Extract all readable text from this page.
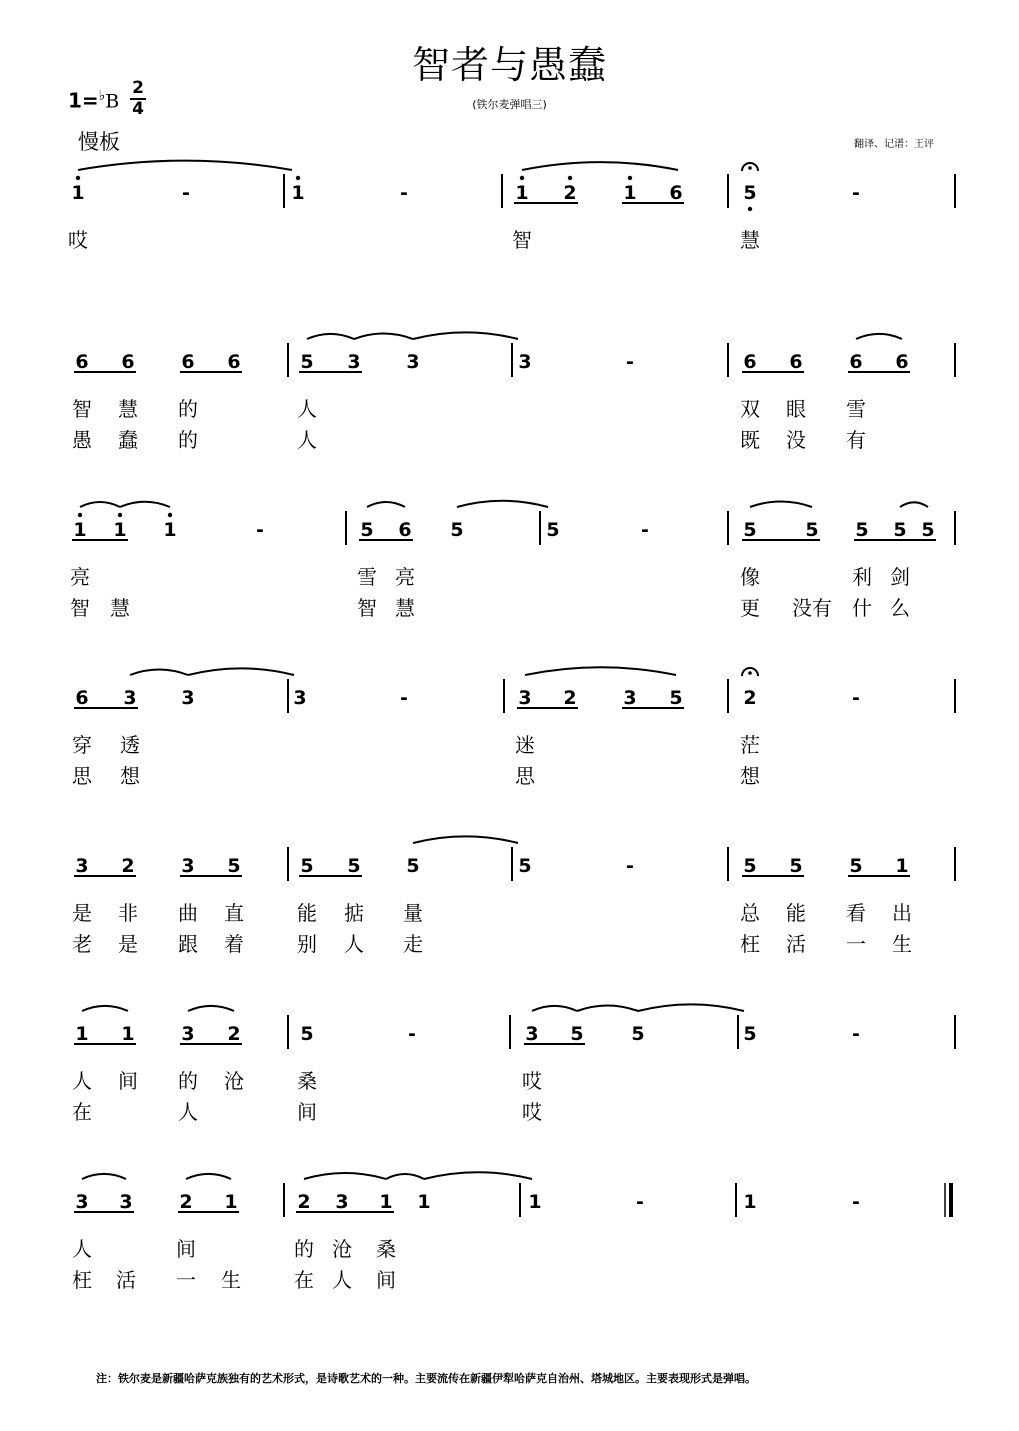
智者与愚蠢
(铁尔麦弹唱三)
1=♭B
2
4
慢板	翻译、记谱：王评
1	-	1	-	1 2 1 6	5	-
哎	智	慧
6 6 6 6	5 3 3	3	-	6 6 6 6
智 慧 的	人	双 眼 雪
愚 蠢 的	人	既 没 有
1 1 1	-	5 6 5	5	-	5	5 5 5 5
亮	雪 亮	像	利 剑
智 慧	智 慧	更 没有 什 么
6 3 3	3	-	3 2 3 5	2	-
穿 透	迷	茫
思 想	思	想
3 2 3 5	5 5 5	5	-	5 5 5 1
是 非 曲 直	能 掂 量	总 能 看 出
老 是 跟 着	别 人 走	枉 活 一 生
1 1 3 2	5	-	3 5	5	5	-
人 间 的 沧	桑	哎
在	人	间	哎
3 3 2 1	2 3 1 1	1	-	1	-
人	间	的 沧 桑
枉 活 一 生	在 人 间
注：铁尔麦是新疆哈萨克族独有的艺术形式，是诗歌艺术的一种。主要流传在新疆伊犁哈萨克自治州、塔城地区。主要表现形式是弹唱。
